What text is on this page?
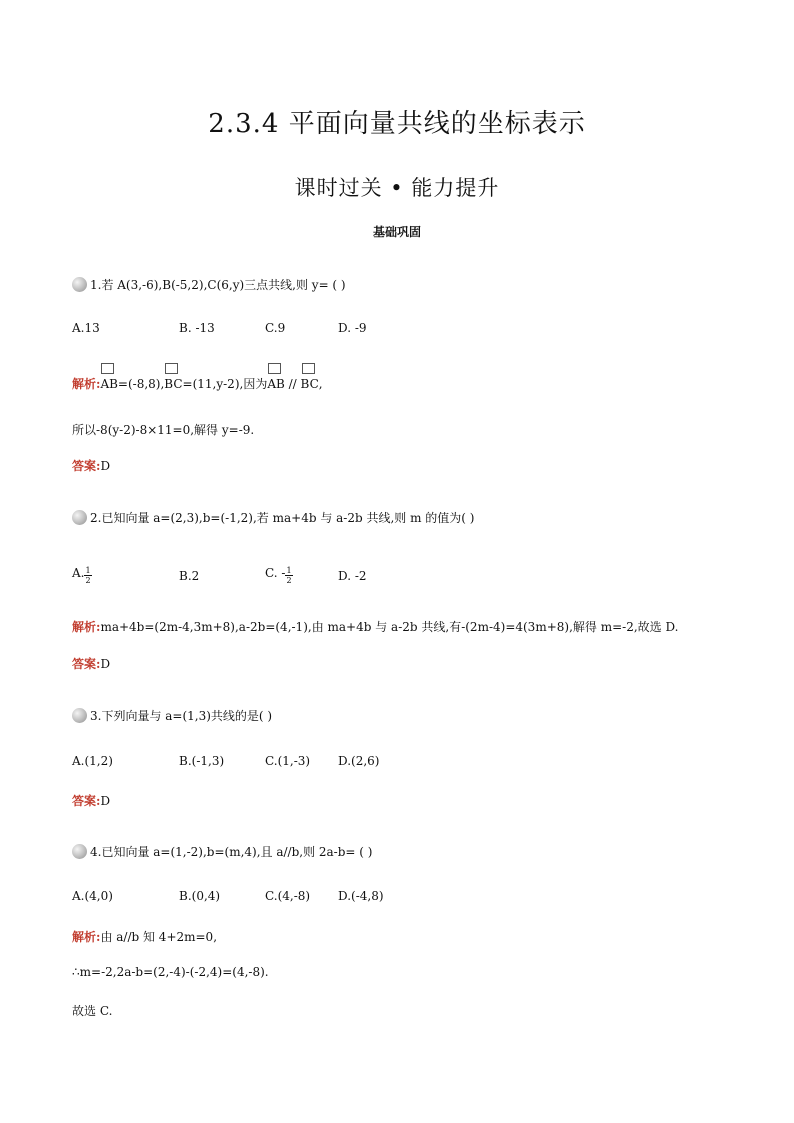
2.3.4 平面向量共线的坐标表示
课时过关 • 能力提升
基础巩固
1.若 A(3,-6),B(-5,2),C(6,y)三点共线,则 y= ( )
A.13	B. -13	C.9	D. -9
解析:
AB=(-8,8),
BC=(11,y-2),因为
AB //
BC,
所以-8(y-2)-8×11=0,解得 y=-9.
答案:D
2.已知向量 a=(2,3),b=(-1,2),若 ma+4b 与 a-2b 共线,则 m 的值为( )
A. $\frac{1}{2}$	B.2	C. - $\frac{1}{2}$	D. -2
解析:ma+4b=(2m-4,3m+8),a-2b=(4,-1),由 ma+4b 与 a-2b 共线,有-(2m-4)=4(3m+8),解得 m=-2,故选 D.
答案:D
3.下列向量与 a=(1,3)共线的是( )
A.(1,2)	B.(-1,3)	C.(1,-3) D.(2,6)
答案:D
4.已知向量 a=(1,-2),b=(m,4),且 a//b,则 2a-b= ( )
A.(4,0)	B.(0,4)	C.(4,-8) D.(-4,8)
解析:由 a//b 知 4+2m=0,
∴m=-2,2a-b=(2,-4)-(-2,4)=(4,-8).
故选 C.
